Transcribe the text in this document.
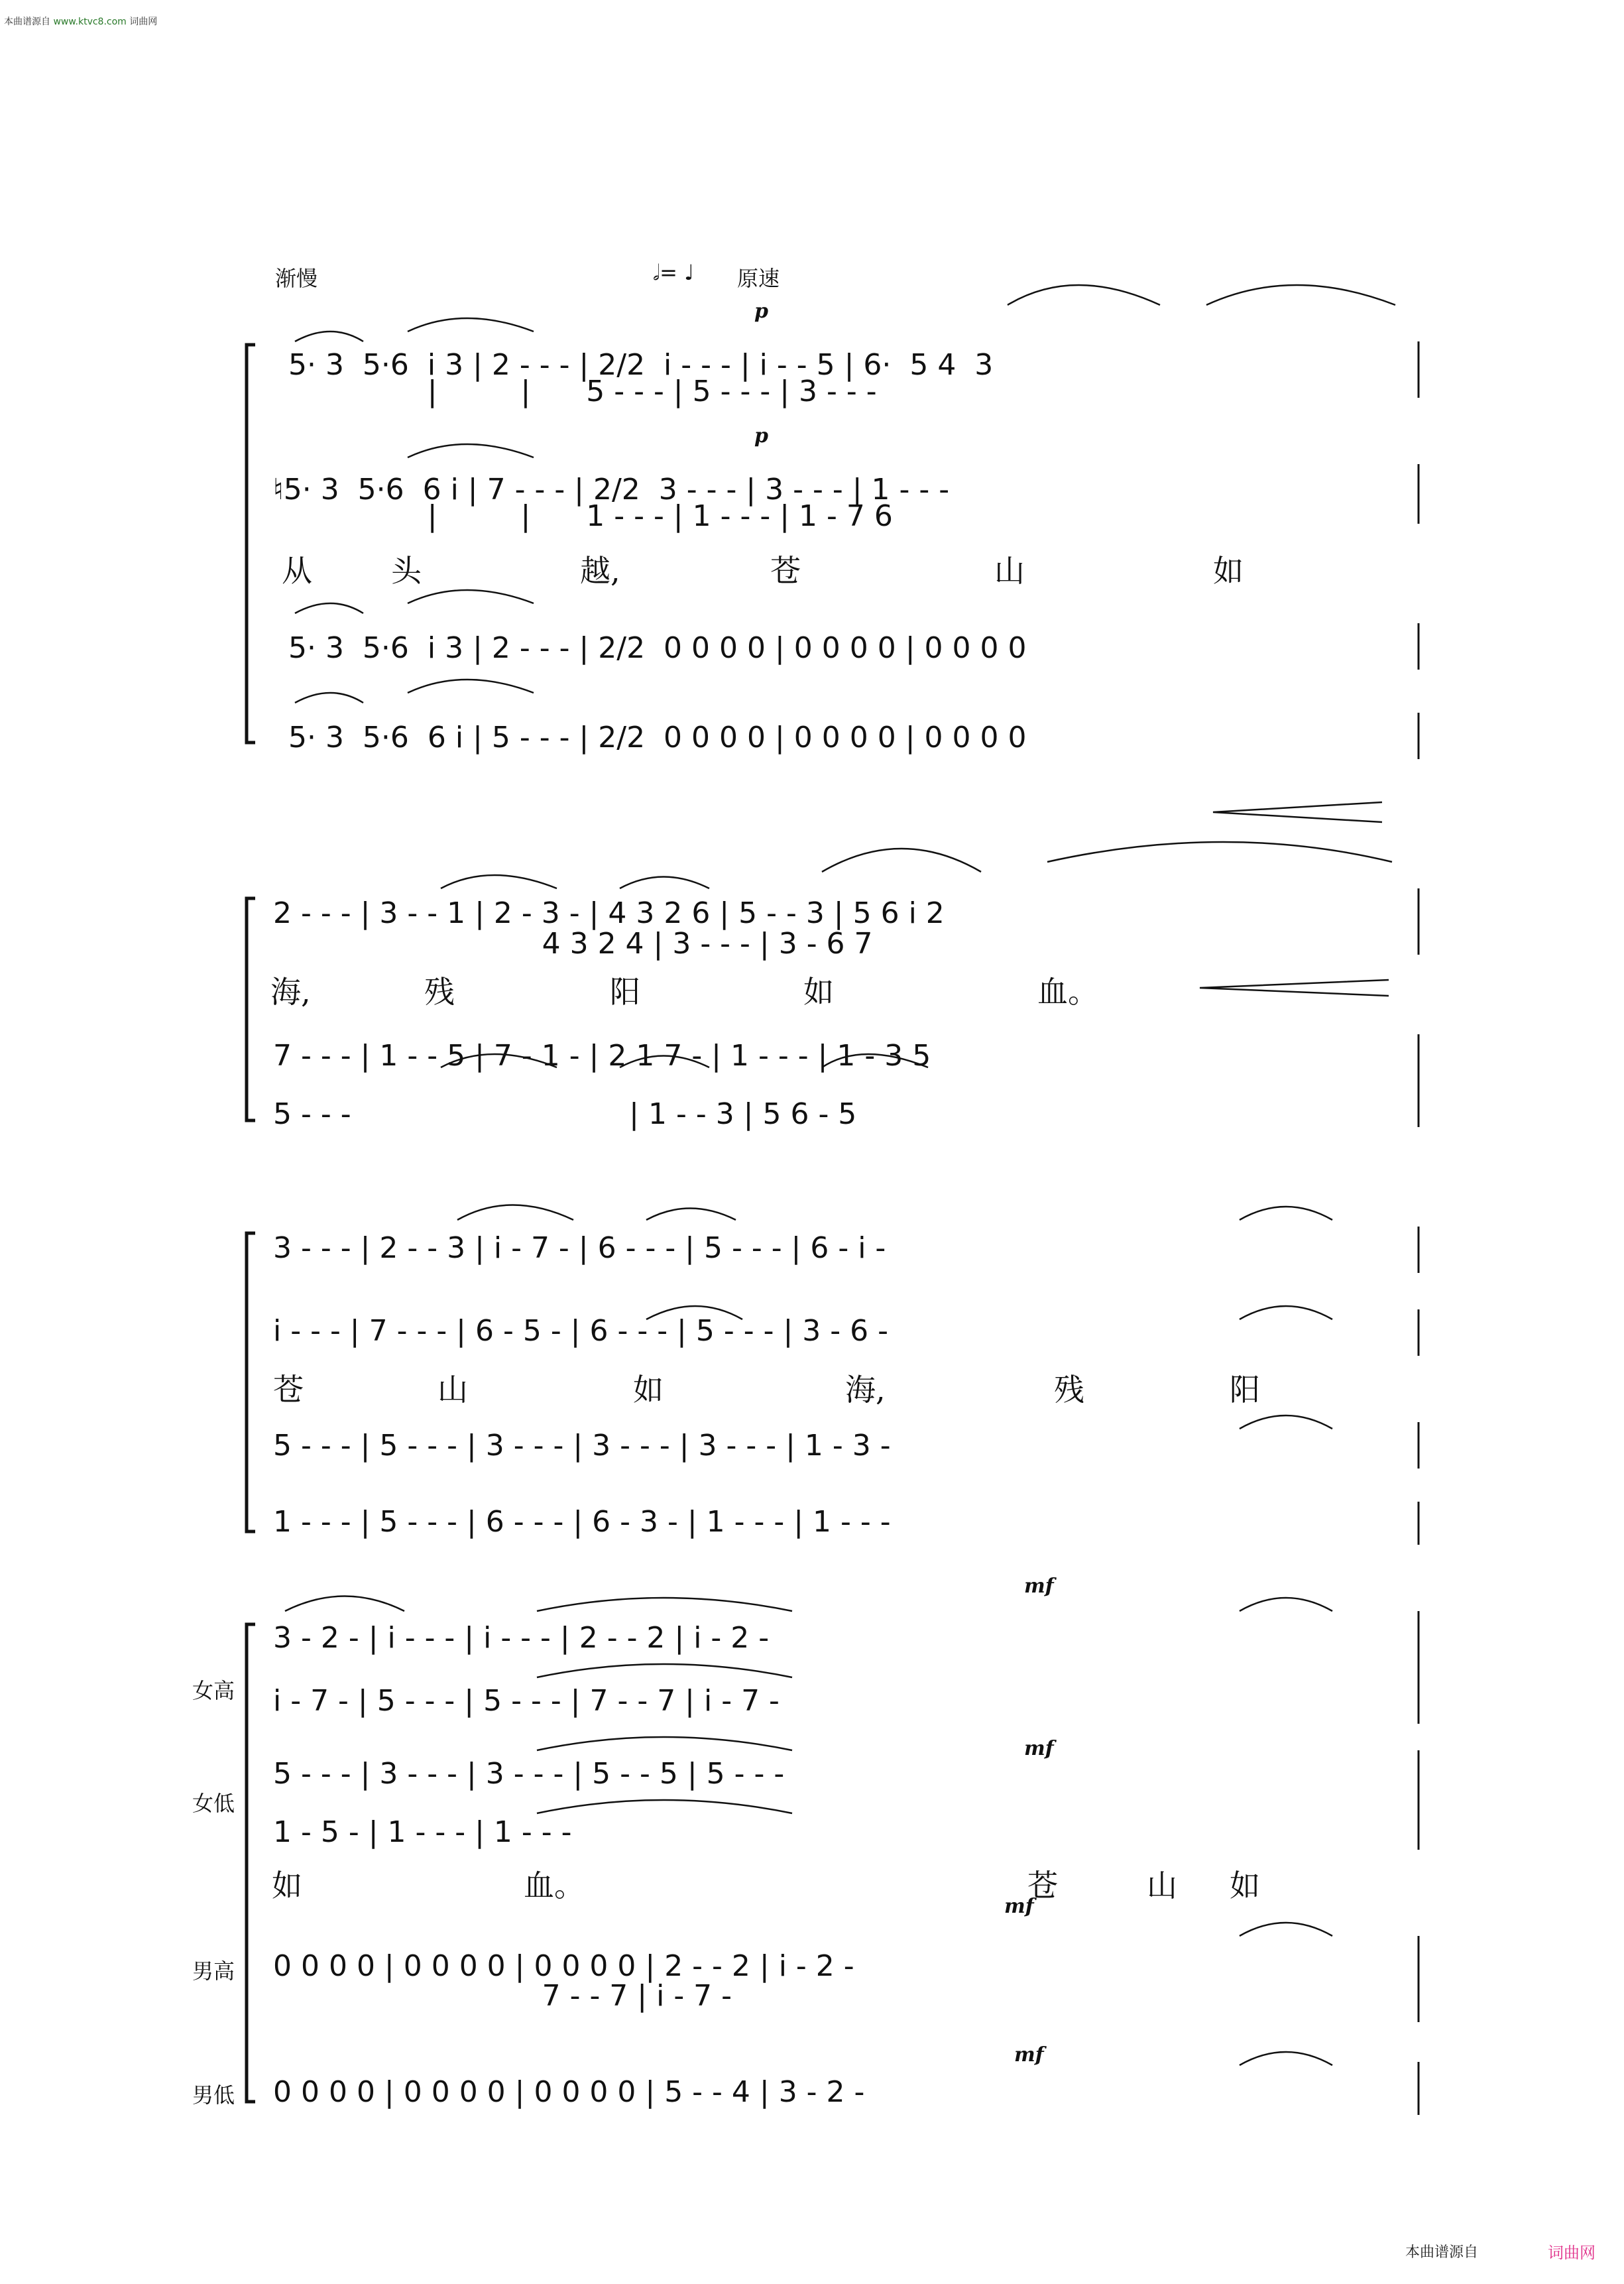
本曲谱源自 www.ktvc8.com 词曲网
渐慢	𝅗𝅥= ♩ 原速
5· 3  5·6  i 3 | 2 - - - | 2/2  i - - - | i - - 5 | 6·  5 4  3
|         |      5 - - - | 5 - - - | 3 - - -
♮5· 3  5·6  6 i | 7 - - - | 2/2  3 - - - | 3 - - - | 1 - - -
|         |      1 - - - | 1 - - - | 1 - 7 6
5· 3  5·6  i 3 | 2 - - - | 2/2  0 0 0 0 | 0 0 0 0 | 0 0 0 0
5· 3  5·6  6 i | 5 - - - | 2/2  0 0 0 0 | 0 0 0 0 | 0 0 0 0
p
p
从	头	越,	苍	山	如
2 - - - | 3 - - 1 | 2 - 3 - | 4 3 2 6 | 5 - - 3 | 5 6 i 2
4 3 2 4 | 3 - - - | 3 - 6 7
7 - - - | 1 - - 5 | 7 - 1 - | 2 1 7 - | 1 - - - | 1 - 3 5
5 - - -                              | 1 - - 3 | 5 6 - 5
海,	残	阳	如	血。
3 - - - | 2 - - 3 | i - 7 - | 6 - - - | 5 - - - | 6 - i -
i - - - | 7 - - - | 6 - 5 - | 6 - - - | 5 - - - | 3 - 6 -
5 - - - | 5 - - - | 3 - - - | 3 - - - | 3 - - - | 1 - 3 -
1 - - - | 5 - - - | 6 - - - | 6 - 3 - | 1 - - - | 1 - - -
苍	山	如	海,	残	阳
女高
女低
男高
男低
3 - 2 - | i - - - | i - - - | 2 - - 2 | i - 2 -
i - 7 - | 5 - - - | 5 - - - | 7 - - 7 | i - 7 -
5 - - - | 3 - - - | 3 - - - | 5 - - 5 | 5 - - -
1 - 5 - | 1 - - - | 1 - - -
0 0 0 0 | 0 0 0 0 | 0 0 0 0 | 2 - - 2 | i - 2 -
7 - - 7 | i - 7 -
0 0 0 0 | 0 0 0 0 | 0 0 0 0 | 5 - - 4 | 3 - 2 -
mf
mf
mf
mf
如	血。	苍	山 如
本曲谱源自	词曲网
